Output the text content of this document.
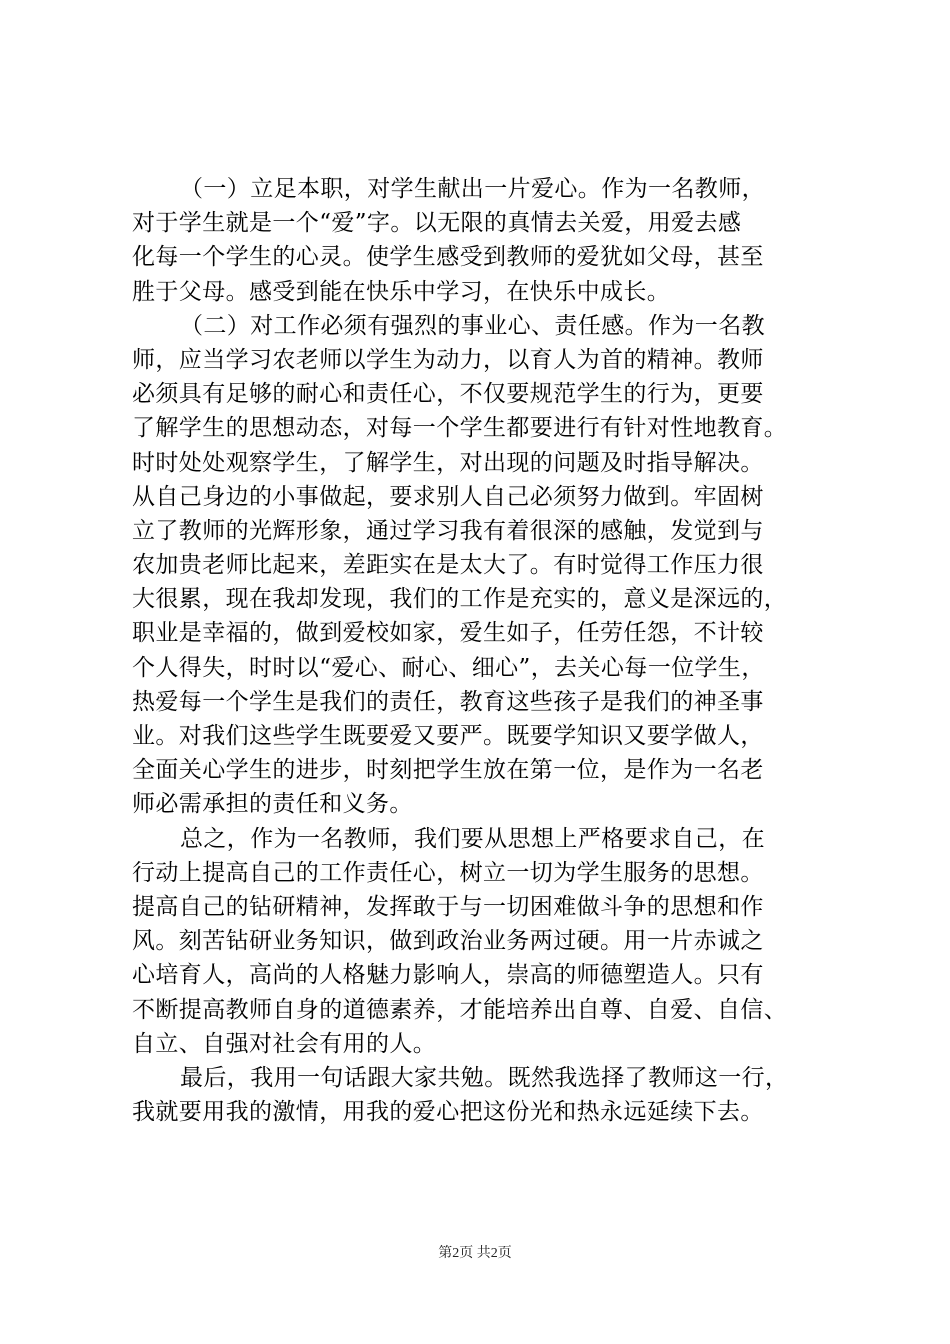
（一）立足本职，对学生献出一片爱心。作为一名教师，
对于学生就是一个“爱”字。以无限的真情去关爱，用爱去感
化每一个学生的心灵。使学生感受到教师的爱犹如父母，甚至
胜于父母。感受到能在快乐中学习，在快乐中成长。
（二）对工作必须有强烈的事业心、责任感。作为一名教
师，应当学习农老师以学生为动力，以育人为首的精神。教师
必须具有足够的耐心和责任心，不仅要规范学生的行为，更要
了解学生的思想动态，对每一个学生都要进行有针对性地教育。
时时处处观察学生，了解学生，对出现的问题及时指导解决。
从自己身边的小事做起，要求别人自己必须努力做到。牢固树
立了教师的光辉形象，通过学习我有着很深的感触，发觉到与
农加贵老师比起来，差距实在是太大了。有时觉得工作压力很
大很累，现在我却发现，我们的工作是充实的，意义是深远的，
职业是幸福的，做到爱校如家，爱生如子，任劳任怨，不计较
个人得失，时时以“爱心、耐心、细心”，去关心每一位学生，
热爱每一个学生是我们的责任，教育这些孩子是我们的神圣事
业。对我们这些学生既要爱又要严。既要学知识又要学做人，
全面关心学生的进步，时刻把学生放在第一位，是作为一名老
师必需承担的责任和义务。
总之，作为一名教师，我们要从思想上严格要求自己，在
行动上提高自己的工作责任心，树立一切为学生服务的思想。
提高自己的钻研精神，发挥敢于与一切困难做斗争的思想和作
风。刻苦钻研业务知识，做到政治业务两过硬。用一片赤诚之
心培育人，高尚的人格魅力影响人，崇高的师德塑造人。只有
不断提高教师自身的道德素养，才能培养出自尊、自爱、自信、
自立、自强对社会有用的人。
最后，我用一句话跟大家共勉。既然我选择了教师这一行，
我就要用我的激情，用我的爱心把这份光和热永远延续下去。
第2页 共2页
